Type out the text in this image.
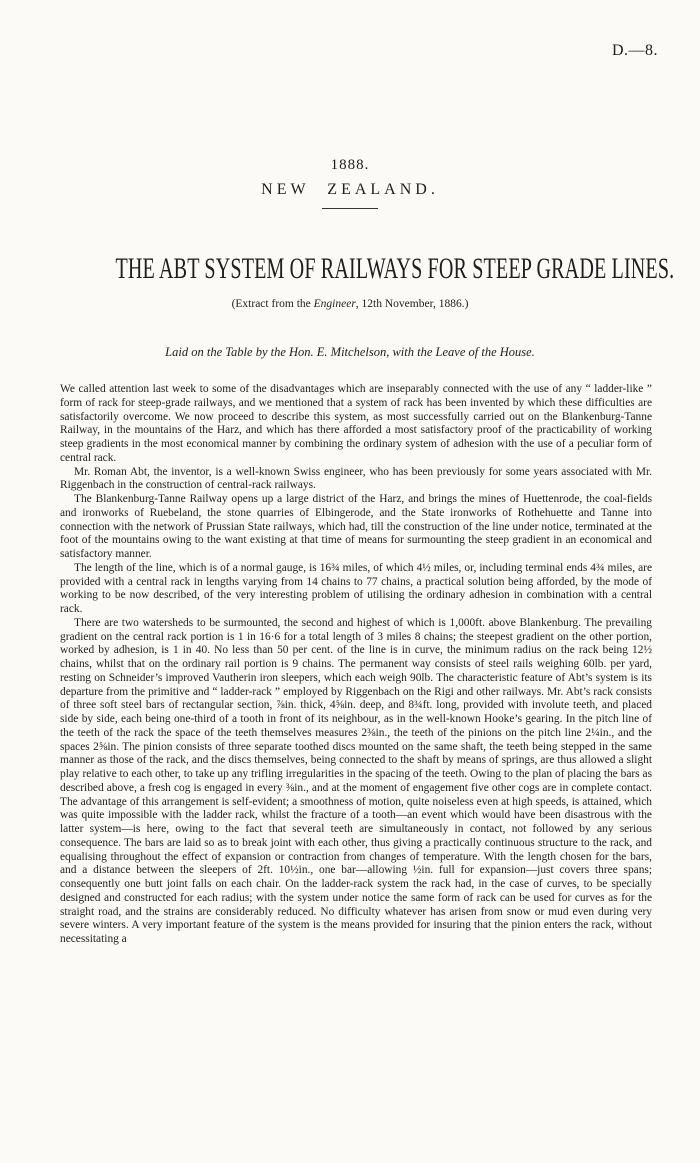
D.—8.
1888.
NEW ZEALAND.
THE ABT SYSTEM OF RAILWAYS FOR STEEP GRADE LINES.
(Extract from the Engineer, 12th November, 1886.)
Laid on the Table by the Hon. E. Mitchelson, with the Leave of the House.

We called attention last week to some of the disadvantages which are inseparably connected with the use of any “ ladder-like ” form of rack for steep-grade railways, and we mentioned that a system of rack has been invented by which these difficulties are satisfactorily overcome. We now proceed to describe this system, as most successfully carried out on the Blankenburg-Tanne Railway, in the mountains of the Harz, and which has there afforded a most satisfactory proof of the practicability of working steep gradients in the most economical manner by combining the ordinary system of adhesion with the use of a peculiar form of central rack.

Mr. Roman Abt, the inventor, is a well-known Swiss engineer, who has been previously for some years associated with Mr. Riggenbach in the construction of central-rack railways.

The Blankenburg-Tanne Railway opens up a large district of the Harz, and brings the mines of Huettenrode, the coal-fields and ironworks of Ruebeland, the stone quarries of Elbingerode, and the State ironworks of Rothehuette and Tanne into connection with the network of Prussian State railways, which had, till the construction of the line under notice, terminated at the foot of the mountains owing to the want existing at that time of means for surmounting the steep gradient in an economical and satisfactory manner.

The length of the line, which is of a normal gauge, is 16¾ miles, of which 4½ miles, or, including terminal ends 4¾ miles, are provided with a central rack in lengths varying from 14 chains to 77 chains, a practical solution being afforded, by the mode of working to be now described, of the very interesting problem of utilising the ordinary adhesion in combination with a central rack.

There are two watersheds to be surmounted, the second and highest of which is 1,000ft. above Blankenburg. The prevailing gradient on the central rack portion is 1 in 16·6 for a total length of 3 miles 8 chains; the steepest gradient on the other portion, worked by adhesion, is 1 in 40. No less than 50 per cent. of the line is in curve, the minimum radius on the rack being 12½ chains, whilst that on the ordinary rail portion is 9 chains. The permanent way consists of steel rails weighing 60lb. per yard, resting on Schneider’s improved Vautherin iron sleepers, which each weigh 90lb. The characteristic feature of Abt’s system is its departure from the primitive and “ ladder-rack ” employed by Riggenbach on the Rigi and other railways. Mr. Abt’s rack consists of three soft steel bars of rectangular section, ⅞in. thick, 4⅝in. deep, and 8¾ft. long, provided with involute teeth, and placed side by side, each being one-third of a tooth in front of its neighbour, as in the well-known Hooke’s gearing. In the pitch line of the teeth of the rack the space of the teeth themselves measures 2⅜in., the teeth of the pinions on the pitch line 2¼in., and the spaces 2⅝in. The pinion consists of three separate toothed discs mounted on the same shaft, the teeth being stepped in the same manner as those of the rack, and the discs themselves, being connected to the shaft by means of springs, are thus allowed a slight play relative to each other, to take up any trifling irregularities in the spacing of the teeth. Owing to the plan of placing the bars as described above, a fresh cog is engaged in every ⅜in., and at the moment of engagement five other cogs are in complete contact. The advantage of this arrangement is self-evident; a smoothness of motion, quite noiseless even at high speeds, is attained, which was quite impossible with the ladder rack, whilst the fracture of a tooth—an event which would have been disastrous with the latter system—is here, owing to the fact that several teeth are simultaneously in contact, not followed by any serious consequence. The bars are laid so as to break joint with each other, thus giving a practically continuous structure to the rack, and equalising throughout the effect of expansion or contraction from changes of temperature. With the length chosen for the bars, and a distance between the sleepers of 2ft. 10½in., one bar—allowing ½in. full for expansion—just covers three spans; consequently one butt joint falls on each chair. On the ladder-rack system the rack had, in the case of curves, to be specially designed and constructed for each radius; with the system under notice the same form of rack can be used for curves as for the straight road, and the strains are considerably reduced. No difficulty whatever has arisen from snow or mud even during very severe winters. A very important feature of the system is the means provided for insuring that the pinion enters the rack, without necessitating a
